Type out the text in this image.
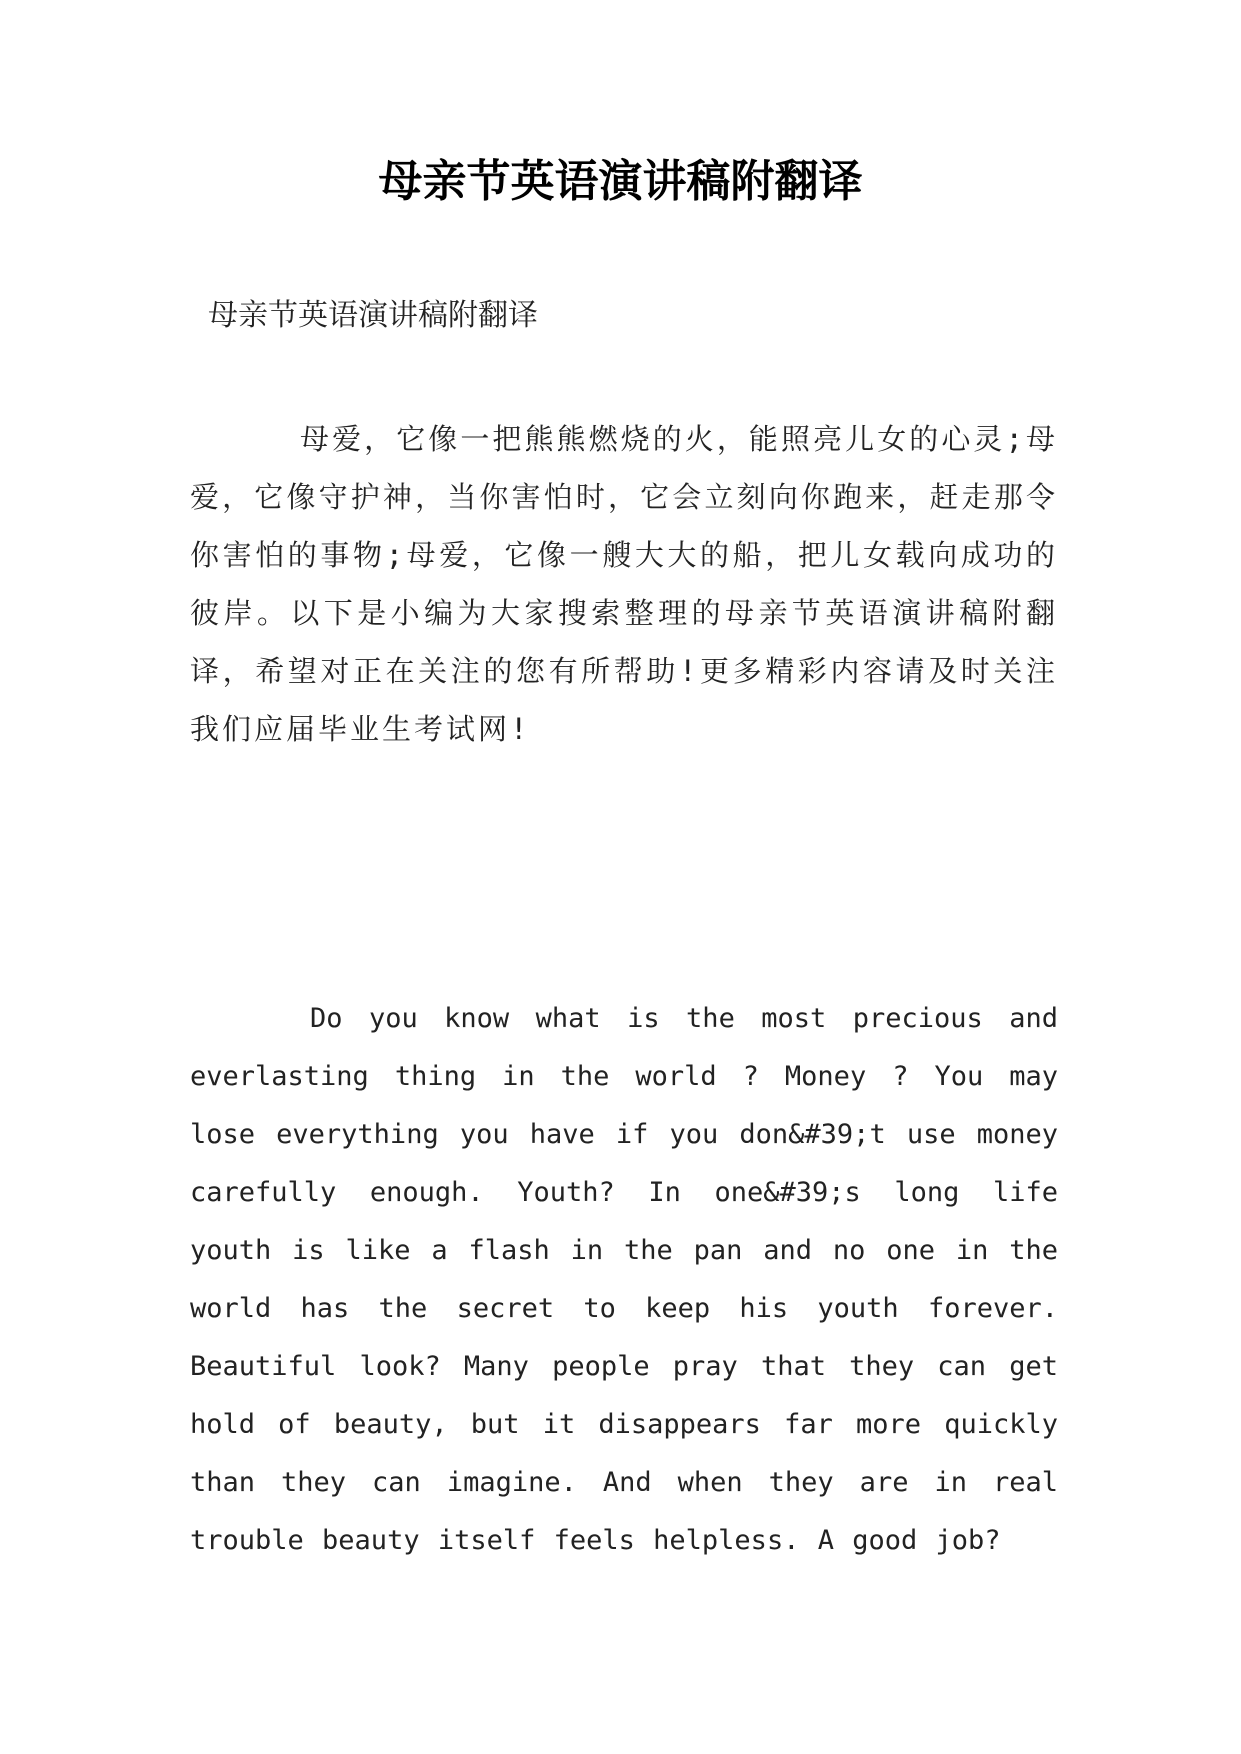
母亲节英语演讲稿附翻译

母亲节英语演讲稿附翻译

母爱，它像一把熊熊燃烧的火，能照亮儿女的心灵;母爱，它像守护神，当你害怕时，它会立刻向你跑来，赶走那令你害怕的事物;母爱，它像一艘大大的船，把儿女载向成功的彼岸。以下是小编为大家搜索整理的母亲节英语演讲稿附翻译，希望对正在关注的您有所帮助!更多精彩内容请及时关注我们应届毕业生考试网!

Do you know what is the most precious and everlasting thing in the world ? Money ? You may lose everything you have if you don&#39;t use money carefully enough. Youth? In one&#39;s long life youth is like a flash in the pan and no one in the world has the secret to keep his youth forever. Beautiful look? Many people pray that they can get hold of beauty, but it disappears far more quickly than they can imagine. And when they are in real trouble beauty itself feels helpless. A good job?
